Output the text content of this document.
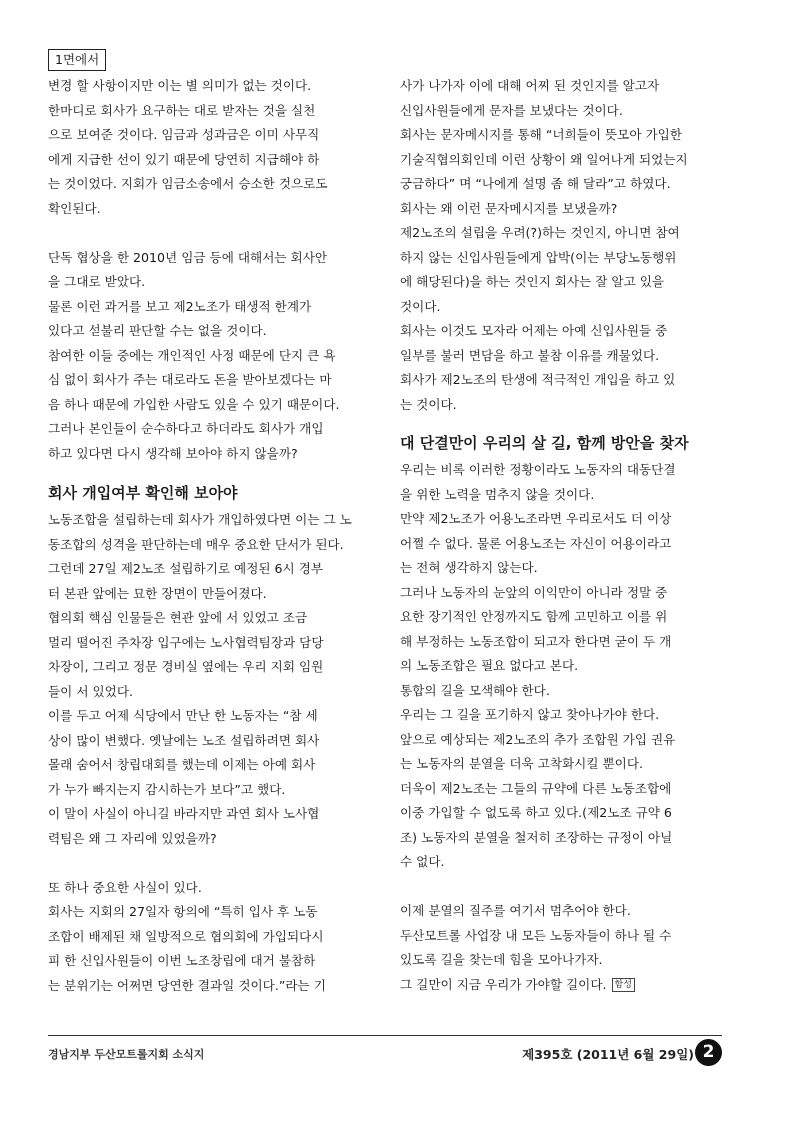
1면에서

변경 할 사항이지만 이는 별 의미가 없는 것이다.

한마디로 회사가 요구하는 대로 받자는 것을 실천

으로 보여준 것이다. 임금과 성과금은 이미 사무직

에게 지급한 선이 있기 때문에 당연히 지급해야 하

는 것이었다. 지회가 임금소송에서 승소한 것으로도

확인된다.

단독 협상을 한 2010년 임금 등에 대해서는 회사안

을 그대로 받았다.

물론 이런 과거를 보고 제2노조가 태생적 한계가

있다고 섣불리 판단할 수는 없을 것이다.

참여한 이들 중에는 개인적인 사정 때문에 단지 큰 욕

심 없이 회사가 주는 대로라도 돈을 받아보겠다는 마

음 하나 때문에 가입한 사람도 있을 수 있기 때문이다.

그러나 본인들이 순수하다고 하더라도 회사가 개입

하고 있다면 다시 생각해 보아야 하지 않을까?

회사 개입여부 확인해 보아야

노동조합을 설립하는데 회사가 개입하였다면 이는 그 노

동조합의 성격을 판단하는데 매우 중요한 단서가 된다.

그런데 27일 제2노조 설립하기로 예정된 6시 경부

터 본관 앞에는 묘한 장면이 만들어졌다.

협의회 핵심 인물들은 현관 앞에 서 있었고 조금

멀리 떨어진 주차장 입구에는 노사협력팀장과 담당

차장이, 그리고 정문 경비실 옆에는 우리 지회 임원

들이 서 있었다.

이를 두고 어제 식당에서 만난 한 노동자는 “참 세

상이 많이 변했다. 옛날에는 노조 설립하려면 회사

몰래 숨어서 창립대회를 했는데 이제는 아예 회사

가 누가 빠지는지 감시하는가 보다”고 했다.

이 말이 사실이 아니길 바라지만 과연 회사 노사협

력팀은 왜 그 자리에 있었을까?

또 하나 중요한 사실이 있다.

회사는 지회의 27일자 항의에 “특히 입사 후 노동

조합이 배제된 채 일방적으로 협의회에 가입되다시

피 한 신입사원들이 이번 노조창립에 대거 불참하

는 분위기는 어쩌면 당연한 결과일 것이다.”라는 기

사가 나가자 이에 대해 어찌 된 것인지를 알고자

신입사원들에게 문자를 보냈다는 것이다.

회사는 문자메시지를 통해 “너희들이 뜻모아 가입한

기술직협의회인데 이런 상황이 왜 일어나게 되었는지

궁금하다” 며 “나에게 설명 좀 해 달라”고 하였다.

회사는 왜 이런 문자메시지를 보냈을까?

제2노조의 설립을 우려(?)하는 것인지, 아니면 참여

하지 않는 신입사원들에게 압박(이는 부당노동행위

에 해당된다)을 하는 것인지 회사는 잘 알고 있을

것이다.

회사는 이것도 모자라 어제는 아예 신입사원들 중

일부를 불러 면담을 하고 불참 이유를 캐물었다.

회사가 제2노조의 탄생에 적극적인 개입을 하고 있

는 것이다.

대 단결만이 우리의 살 길, 함께 방안을 찾자

우리는 비록 이러한 정황이라도 노동자의 대동단결

을 위한 노력을 멈추지 않을 것이다.

만약 제2노조가 어용노조라면 우리로서도 더 이상

어쩔 수 없다. 물론 어용노조는 자신이 어용이라고

는 전혀 생각하지 않는다.

그러나 노동자의 눈앞의 이익만이 아니라 정말 중

요한 장기적인 안정까지도 함께 고민하고 이를 위

해 부정하는 노동조합이 되고자 한다면 굳이 두 개

의 노동조합은 필요 없다고 본다.

통합의 길을 모색해야 한다.

우리는 그 길을 포기하지 않고 찾아나가야 한다.

앞으로 예상되는 제2노조의 추가 조합원 가입 권유

는 노동자의 분열을 더욱 고착화시킬 뿐이다.

더욱이 제2노조는 그들의 규약에 다른 노동조합에

이중 가입할 수 없도록 하고 있다.(제2노조 규약 6

조) 노동자의 분열을 철저히 조장하는 규정이 아닐

수 없다.

이제 분열의 질주를 여기서 멈추어야 한다.

두산모트롤 사업장 내 모든 노동자들이 하나 될 수

있도록 길을 찾는데 힘을 모아나가자.

그 길만이 지금 우리가 가야할 길이다. 함성

경남지부 두산모트롤지회 소식지	제395호 (2011년 6월 29일) 2
